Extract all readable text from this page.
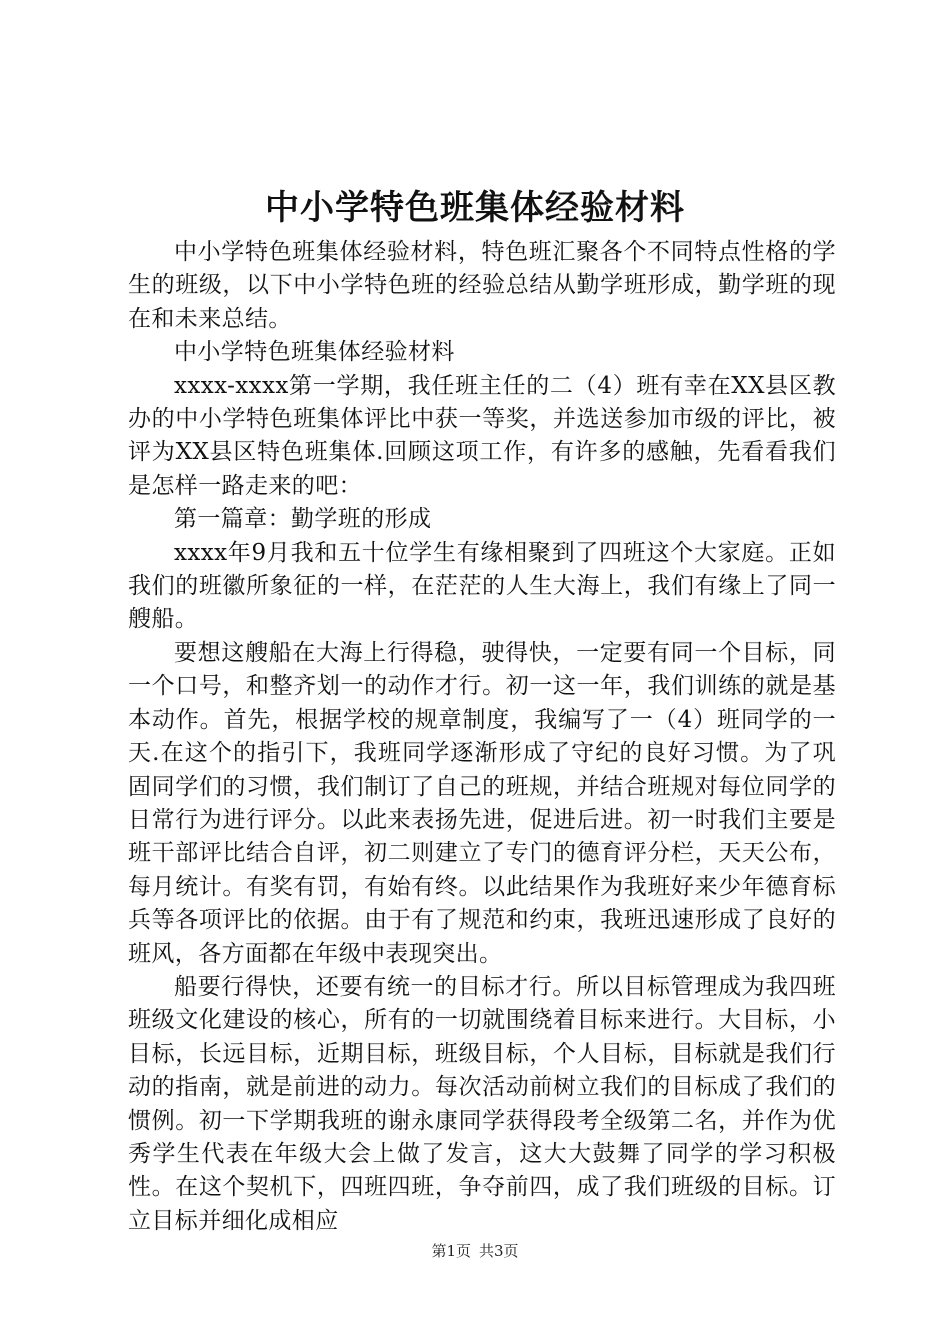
中小学特色班集体经验材料

中小学特色班集体经验材料，特色班汇聚各个不同特点性格的学生的班级，以下中小学特色班的经验总结从勤学班形成，勤学班的现在和未来总结。

中小学特色班集体经验材料

xxxx-xxxx第一学期，我任班主任的二（4）班有幸在XX县区教办的中小学特色班集体评比中获一等奖，并选送参加市级的评比，被评为XX县区特色班集体.回顾这项工作，有许多的感触，先看看我们是怎样一路走来的吧：

第一篇章：勤学班的形成

xxxx年9月我和五十位学生有缘相聚到了四班这个大家庭。正如我们的班徽所象征的一样，在茫茫的人生大海上，我们有缘上了同一艘船。

要想这艘船在大海上行得稳，驶得快，一定要有同一个目标，同一个口号，和整齐划一的动作才行。初一这一年，我们训练的就是基本动作。首先，根据学校的规章制度，我编写了一（4）班同学的一天.在这个的指引下，我班同学逐渐形成了守纪的良好习惯。为了巩固同学们的习惯，我们制订了自己的班规，并结合班规对每位同学的日常行为进行评分。以此来表扬先进，促进后进。初一时我们主要是班干部评比结合自评，初二则建立了专门的德育评分栏，天天公布，每月统计。有奖有罚，有始有终。以此结果作为我班好来少年德育标兵等各项评比的依据。由于有了规范和约束，我班迅速形成了良好的班风，各方面都在年级中表现突出。

船要行得快，还要有统一的目标才行。所以目标管理成为我四班班级文化建设的核心，所有的一切就围绕着目标来进行。大目标，小目标，长远目标，近期目标，班级目标，个人目标，目标就是我们行动的指南，就是前进的动力。每次活动前树立我们的目标成了我们的惯例。初一下学期我班的谢永康同学获得段考全级第二名，并作为优秀学生代表在年级大会上做了发言，这大大鼓舞了同学的学习积极性。在这个契机下，四班四班，争夺前四，成了我们班级的目标。订立目标并细化成相应

第1页 共3页
